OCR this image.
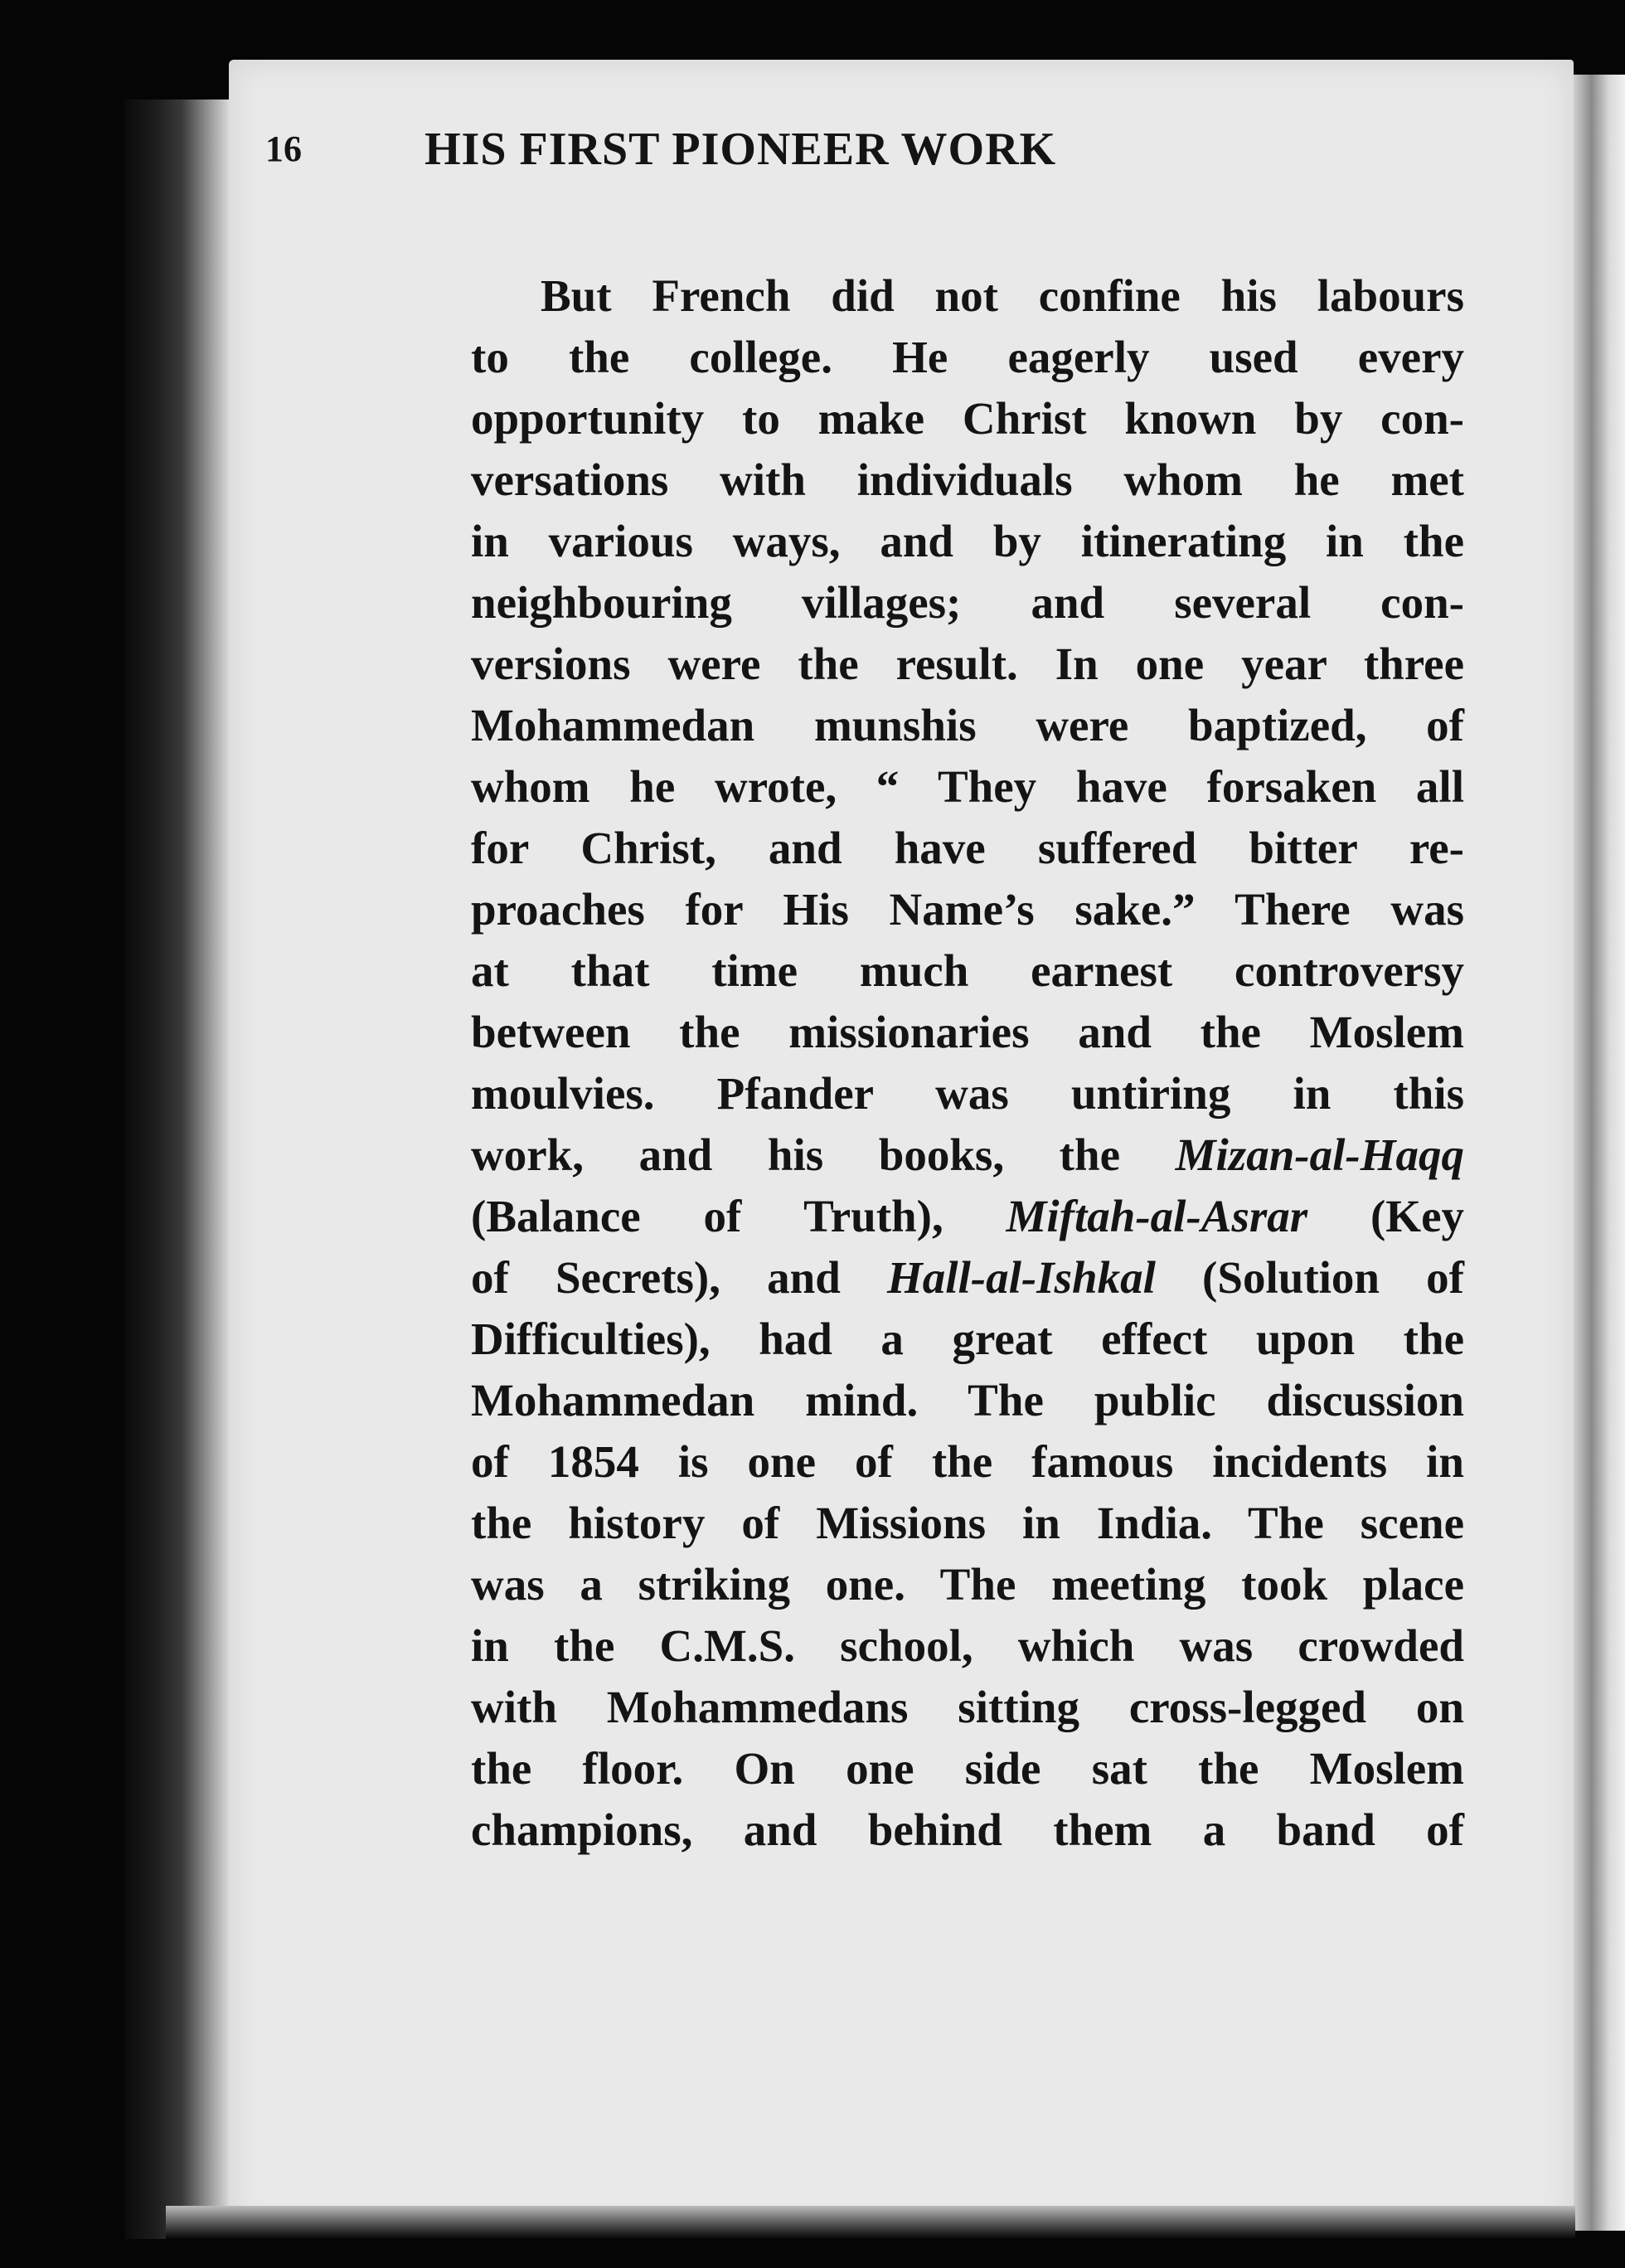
16	HIS FIRST PIONEER WORK
But French did not confine his labours
to the college. He eagerly used every
opportunity to make Christ known by con-
versations with individuals whom he met
in various ways, and by itinerating in the
neighbouring villages; and several con-
versions were the result. In one year three
Mohammedan munshis were baptized, of
whom he wrote, “ They have forsaken all
for Christ, and have suffered bitter re-
proaches for His Name’s sake.” There was
at that time much earnest controversy
between the missionaries and the Moslem
moulvies. Pfander was untiring in this
work, and his books, the Mizan-al-Haqq
(Balance of Truth), Miftah-al-Asrar (Key
of Secrets), and Hall-al-Ishkal (Solution of
Difficulties), had a great effect upon the
Mohammedan mind. The public discussion
of 1854 is one of the famous incidents in
the history of Missions in India. The scene
was a striking one. The meeting took place
in the C.M.S. school, which was crowded
with Mohammedans sitting cross-legged on
the floor. On one side sat the Moslem
champions, and behind them a band of
